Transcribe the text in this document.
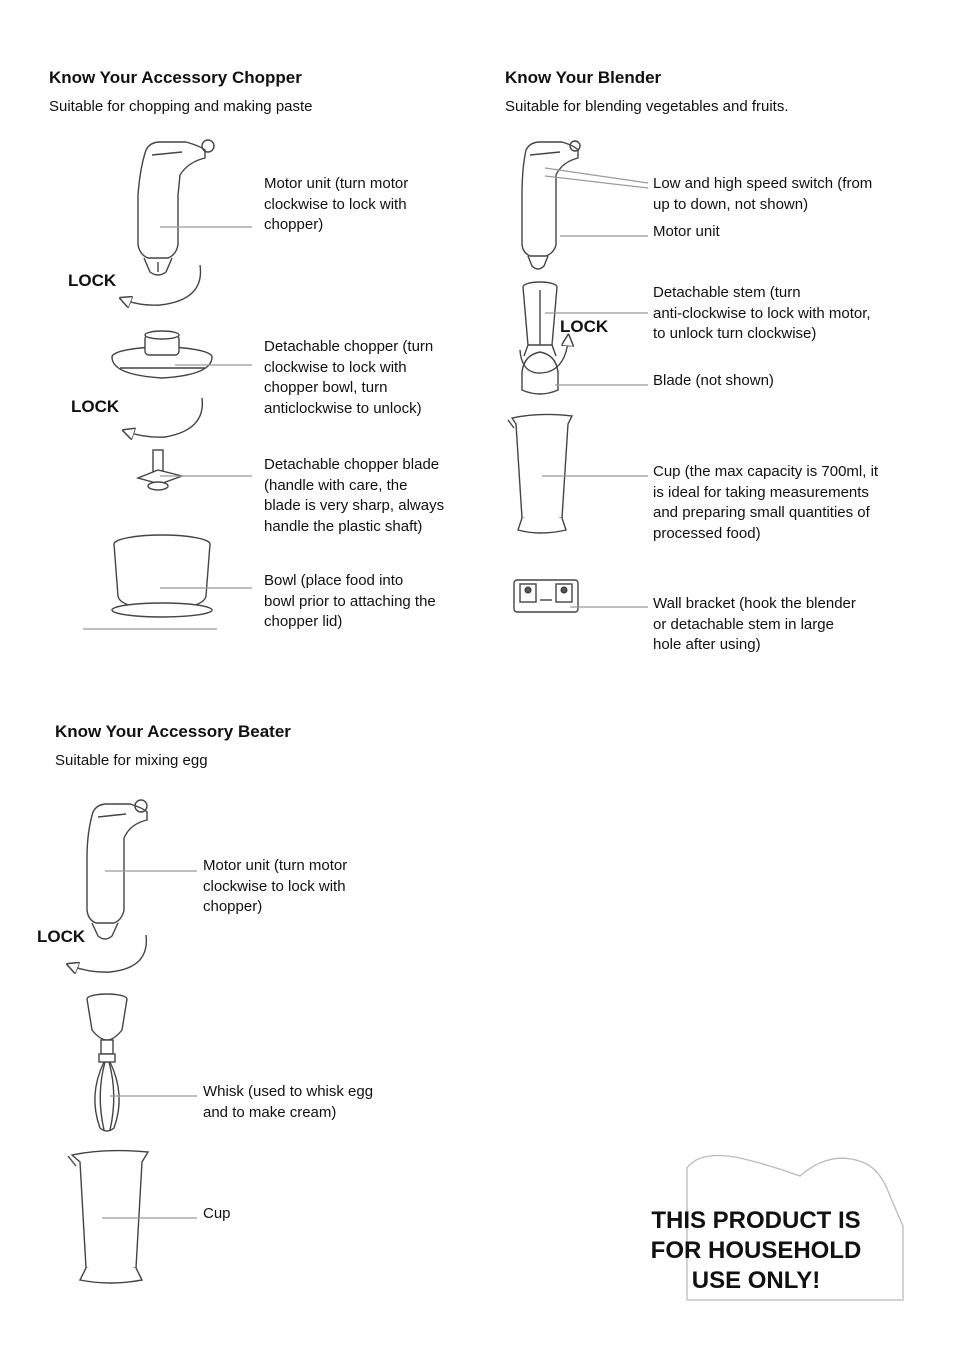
Know Your Accessory Chopper
Suitable for chopping and making paste
Motor unit (turn motor
clockwise to lock with
chopper)
Detachable chopper (turn
clockwise to lock with
chopper bowl, turn
anticlockwise to unlock)
Detachable chopper blade
(handle with care, the
blade is very sharp, always
handle the plastic shaft)
Bowl (place food into
bowl prior to attaching the
chopper lid)
LOCK
LOCK
Know Your Blender
Suitable for blending vegetables and fruits.
Low and high speed switch (from
up to down, not shown)
Motor unit
Detachable stem (turn
anti-clockwise to lock with motor,
to unlock turn clockwise)
Blade (not shown)
Cup (the max capacity is 700ml, it
is ideal for taking measurements
and preparing small quantities of
processed food)
Wall bracket (hook the blender
or detachable stem in large
hole after using)
LOCK
Know Your Accessory Beater
Suitable for mixing egg
Motor unit (turn motor
clockwise to lock with
chopper)
Whisk (used to whisk egg
and to make cream)
Cup
LOCK
THIS PRODUCT IS
FOR HOUSEHOLD
USE ONLY!
